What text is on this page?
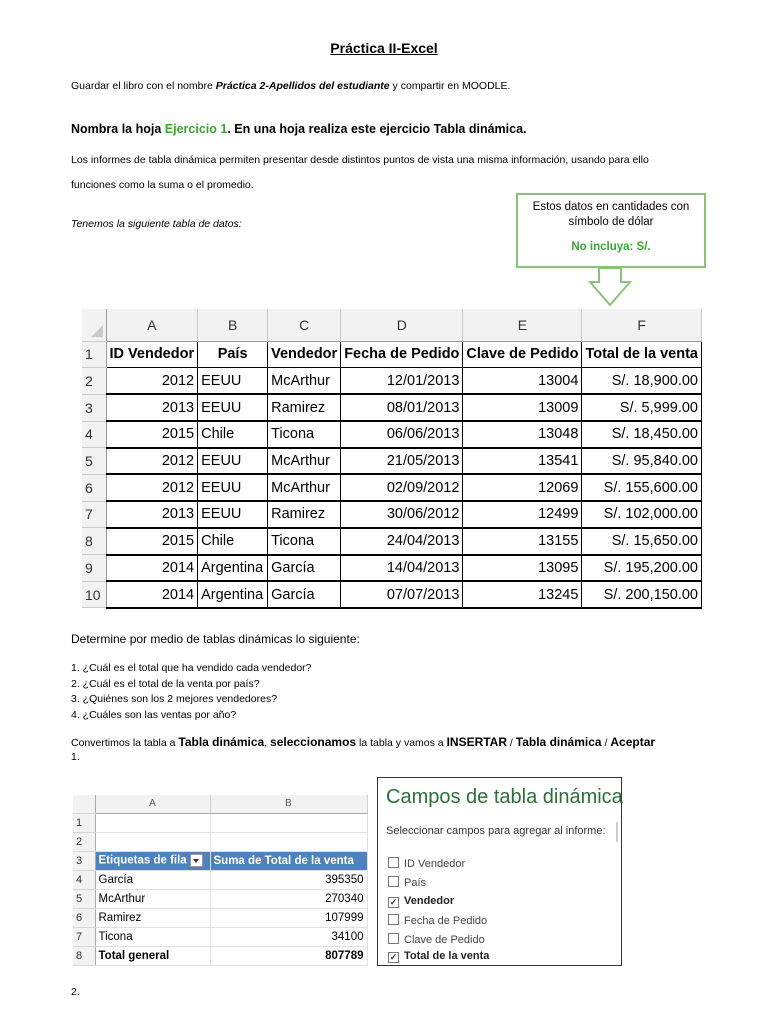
Práctica II-Excel
Guardar el libro con el nombre Práctica 2-Apellidos del estudiante y compartir en MOODLE.
Nombra la hoja Ejercicio 1. En una hoja realiza este ejercicio Tabla dinámica.
Los informes de tabla dinámica permiten presentar desde distintos puntos de vista una misma información, usando para ello
funciones como la suma o el promedio.
Tenemos la siguiente tabla de datos:
Estos datos en cantidades con
símbolo de dólar
No incluya: S/.
	A	B	C	D	E	F
1	ID Vendedor	País	Vendedor	Fecha de Pedido	Clave de Pedido	Total de la venta
2	2012	EEUU	McArthur	12/01/2013	13004	S/. 18,900.00
3	2013	EEUU	Ramirez	08/01/2013	13009	S/. 5,999.00
4	2015	Chile	Ticona	06/06/2013	13048	S/. 18,450.00
5	2012	EEUU	McArthur	21/05/2013	13541	S/. 95,840.00
6	2012	EEUU	McArthur	02/09/2012	12069	S/. 155,600.00
7	2013	EEUU	Ramirez	30/06/2012	12499	S/. 102,000.00
8	2015	Chile	Ticona	24/04/2013	13155	S/. 15,650.00
9	2014	Argentina	García	14/04/2013	13095	S/. 195,200.00
10	2014	Argentina	García	07/07/2013	13245	S/. 200,150.00
Determine por medio de tablas dinámicas lo siguiente:
1. ¿Cuál es el total que ha vendido cada vendedor?
2. ¿Cuál es el total de la venta por país?
3. ¿Quiénes son los 2 mejores vendedores?
4. ¿Cuáles son las ventas por año?
Convertimos la tabla a Tabla dinámica, seleccionamos la tabla y vamos a INSERTAR / Tabla dinámica / Aceptar
1.
	A	B
1		
2		
3	Etiquetas de fila	Suma de Total de la venta
4	García	395350
5	McArthur	270340
6	Ramirez	107999
7	Ticona	34100
8	Total general	807789
Campos de tabla dinámica
Seleccionar campos para agregar al informe:
ID Vendedor
País
✓ Vendedor
Fecha de Pedido
Clave de Pedido
✓ Total de la venta
2.
